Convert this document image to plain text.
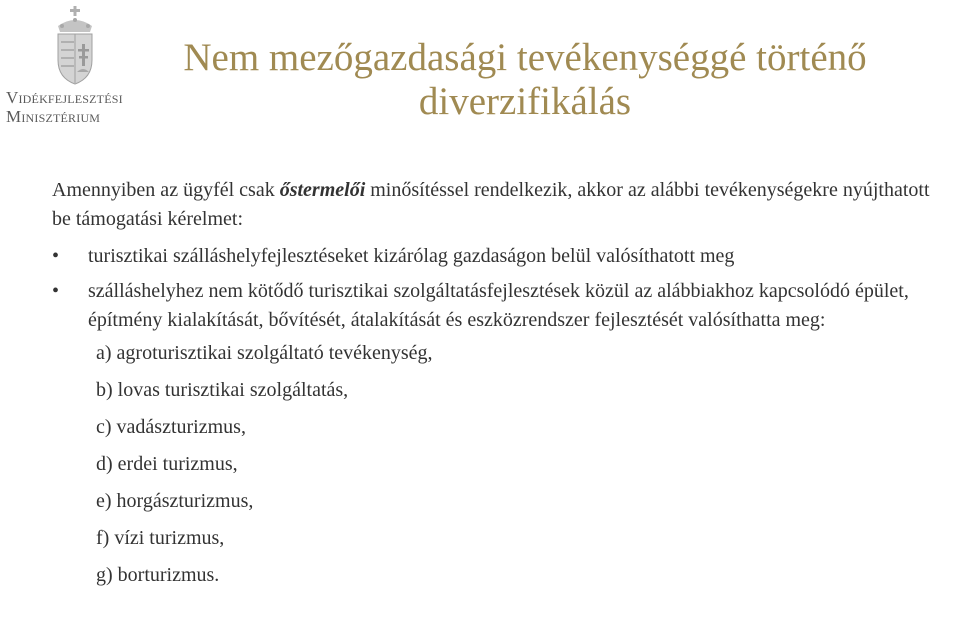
Vidékfejlesztési
Minisztérium
Nem mezőgazdasági tevékenységgé történő
diverzifikálás

Amennyiben az ügyfél csak őstermelői minősítéssel rendelkezik, akkor az alábbi tevékenységekre nyújthatott be támogatási kérelmet:

• turisztikai szálláshelyfejlesztéseket kizárólag gazdaságon belül valósíthatott meg
• szálláshelyhez nem kötődő turisztikai szolgáltatásfejlesztések közül az alábbiakhoz kapcsolódó épület, építmény kialakítását, bővítését, átalakítását és eszközrendszer fejlesztését valósíthatta meg:
a) agroturisztikai szolgáltató tevékenység,
b) lovas turisztikai szolgáltatás,
c) vadászturizmus,
d) erdei turizmus,
e) horgászturizmus,
f) vízi turizmus,
g) borturizmus.
